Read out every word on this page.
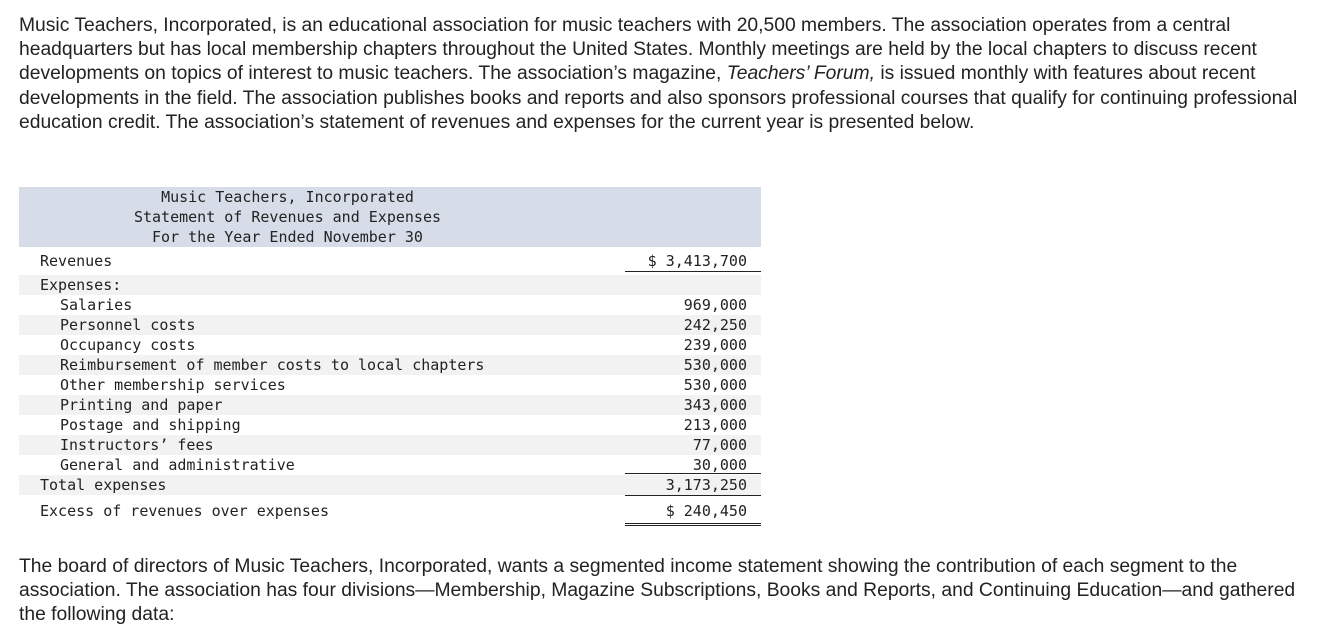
Music Teachers, Incorporated, is an educational association for music teachers with 20,500 members. The association operates from a central headquarters but has local membership chapters throughout the United States. Monthly meetings are held by the local chapters to discuss recent developments on topics of interest to music teachers. The association’s magazine, Teachers’ Forum, is issued monthly with features about recent developments in the field. The association publishes books and reports and also sponsors professional courses that qualify for continuing professional education credit. The association’s statement of revenues and expenses for the current year is presented below.
Music Teachers, Incorporated
Statement of Revenues and Expenses
For the Year Ended November 30
Revenues	$ 3,413,700
Expenses:
Salaries	969,000
Personnel costs	242,250
Occupancy costs	239,000
Reimbursement of member costs to local chapters	530,000
Other membership services	530,000
Printing and paper	343,000
Postage and shipping	213,000
Instructors’ fees	77,000
General and administrative	30,000
Total expenses	3,173,250
Excess of revenues over expenses	$ 240,450
The board of directors of Music Teachers, Incorporated, wants a segmented income statement showing the contribution of each segment to the association. The association has four divisions—Membership, Magazine Subscriptions, Books and Reports, and Continuing Education—and gathered the following data:
